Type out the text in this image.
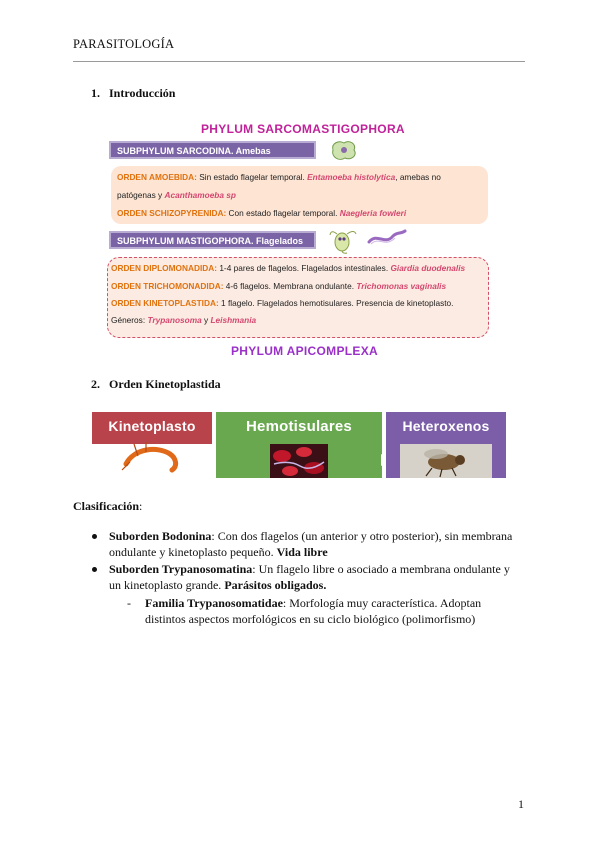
PARASITOLOGÍA
1. Introducción
PHYLUM SARCOMASTIGOPHORA
SUBPHYLUM SARCODINA. Amebas
ORDEN AMOEBIDA: Sin estado flagelar temporal. Entamoeba histolytica, amebas no
patógenas y Acanthamoeba sp
ORDEN SCHIZOPYRENIDA: Con estado flagelar temporal. Naegleria fowleri
SUBPHYLUM MASTIGOPHORA. Flagelados
ORDEN DIPLOMONADIDA: 1-4 pares de flagelos. Flagelados intestinales. Giardia duodenalis
ORDEN TRICHOMONADIDA: 4-6 flagelos. Membrana ondulante. Trichomonas vaginalis
ORDEN KINETOPLASTIDA: 1 flagelo. Flagelados hemotisulares. Presencia de kinetoplasto.
Géneros: Trypanosoma y Leishmania
PHYLUM APICOMPLEXA
2. Orden Kinetoplastida
Kinetoplasto	Hemotisulares	Heteroxenos
Clasificación:
Suborden Bodonina: Con dos flagelos (un anterior y otro posterior), sin membrana ondulante y kinetoplasto pequeño. Vida libre
Suborden Trypanosomatina: Un flagelo libre o asociado a membrana ondulante y un kinetoplasto grande. Parásitos obligados.
- Familia Trypanosomatidae: Morfología muy característica. Adoptan distintos aspectos morfológicos en su ciclo biológico (polimorfismo)
1
